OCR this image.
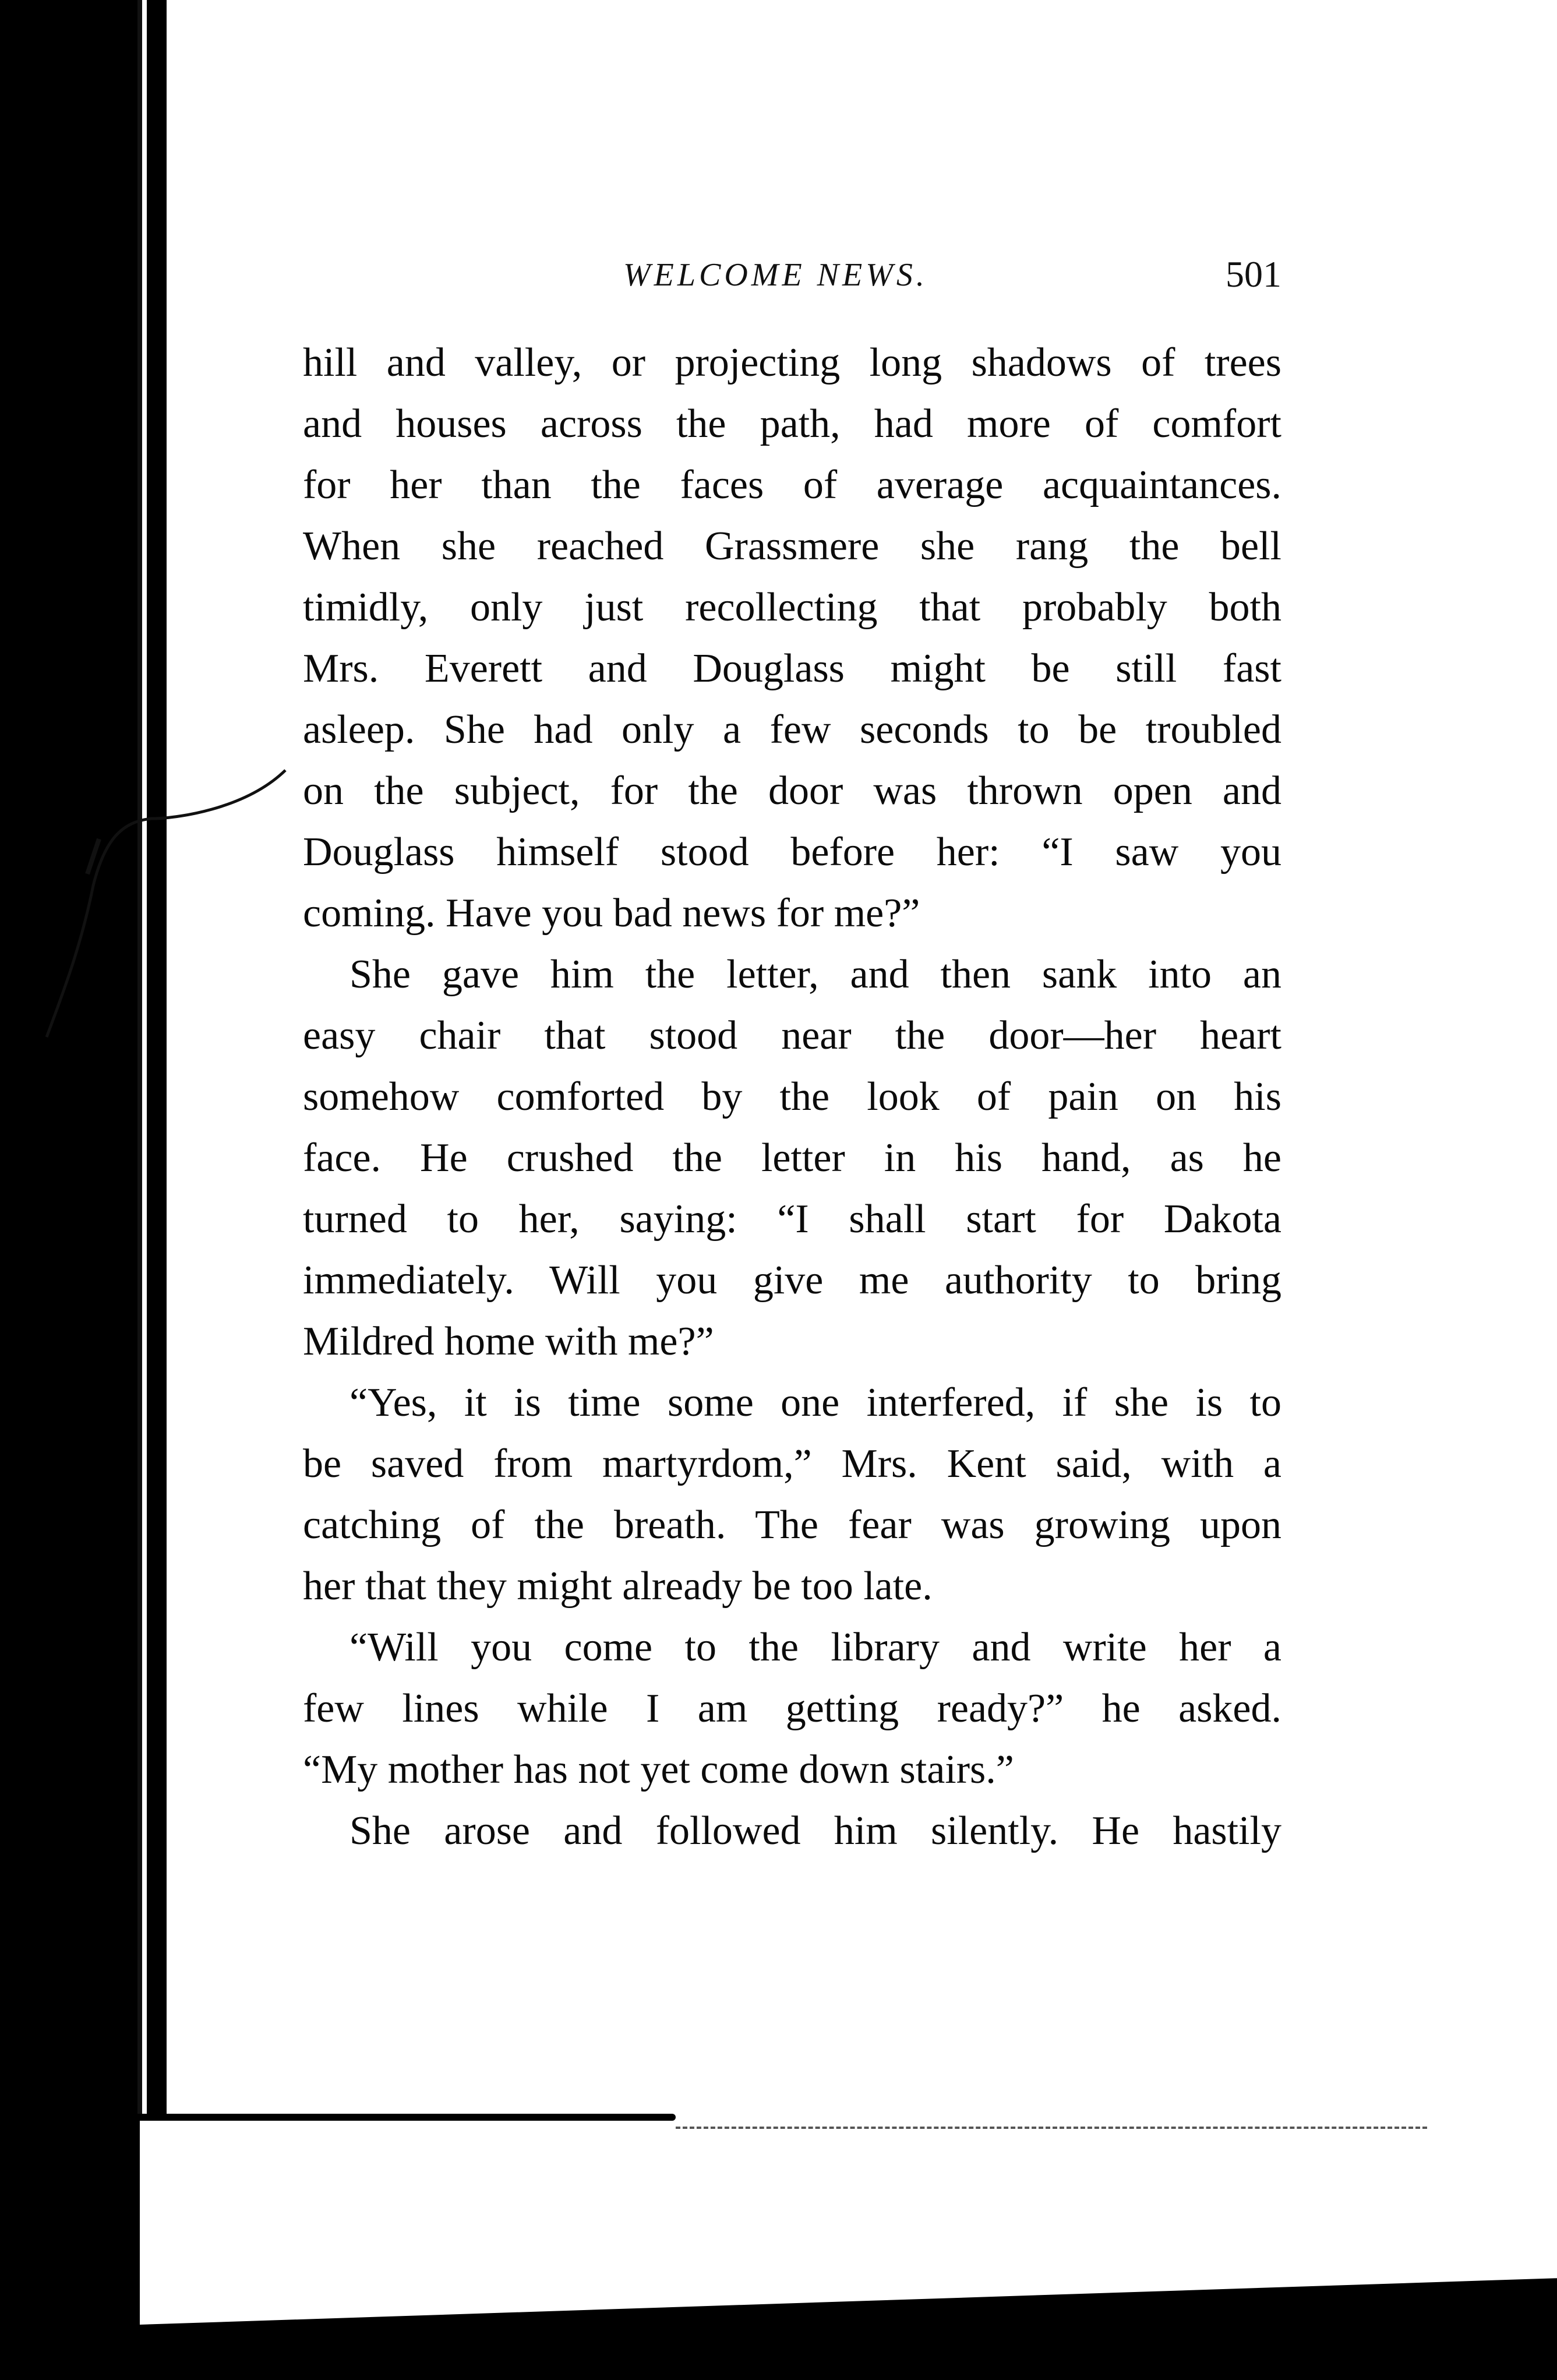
WELCOME NEWS.	501
hill and valley, or projecting long shadows of trees
and houses across the path, had more of comfort
for her than the faces of average acquaintances.
When she reached Grassmere she rang the bell
timidly, only just recollecting that probably both
Mrs. Everett and Douglass might be still fast
asleep. She had only a few seconds to be troubled
on the subject, for the door was thrown open and
Douglass himself stood before her: “I saw you
coming. Have you bad news for me?”
She gave him the letter, and then sank into an
easy chair that stood near the door—her heart
somehow comforted by the look of pain on his
face. He crushed the letter in his hand, as he
turned to her, saying: “I shall start for Dakota
immediately. Will you give me authority to bring
Mildred home with me?”
“Yes, it is time some one interfered, if she is to
be saved from martyrdom,” Mrs. Kent said, with a
catching of the breath. The fear was growing upon
her that they might already be too late.
“Will you come to the library and write her a
few lines while I am getting ready?” he asked.
“My mother has not yet come down stairs.”
She arose and followed him silently. He hastily
